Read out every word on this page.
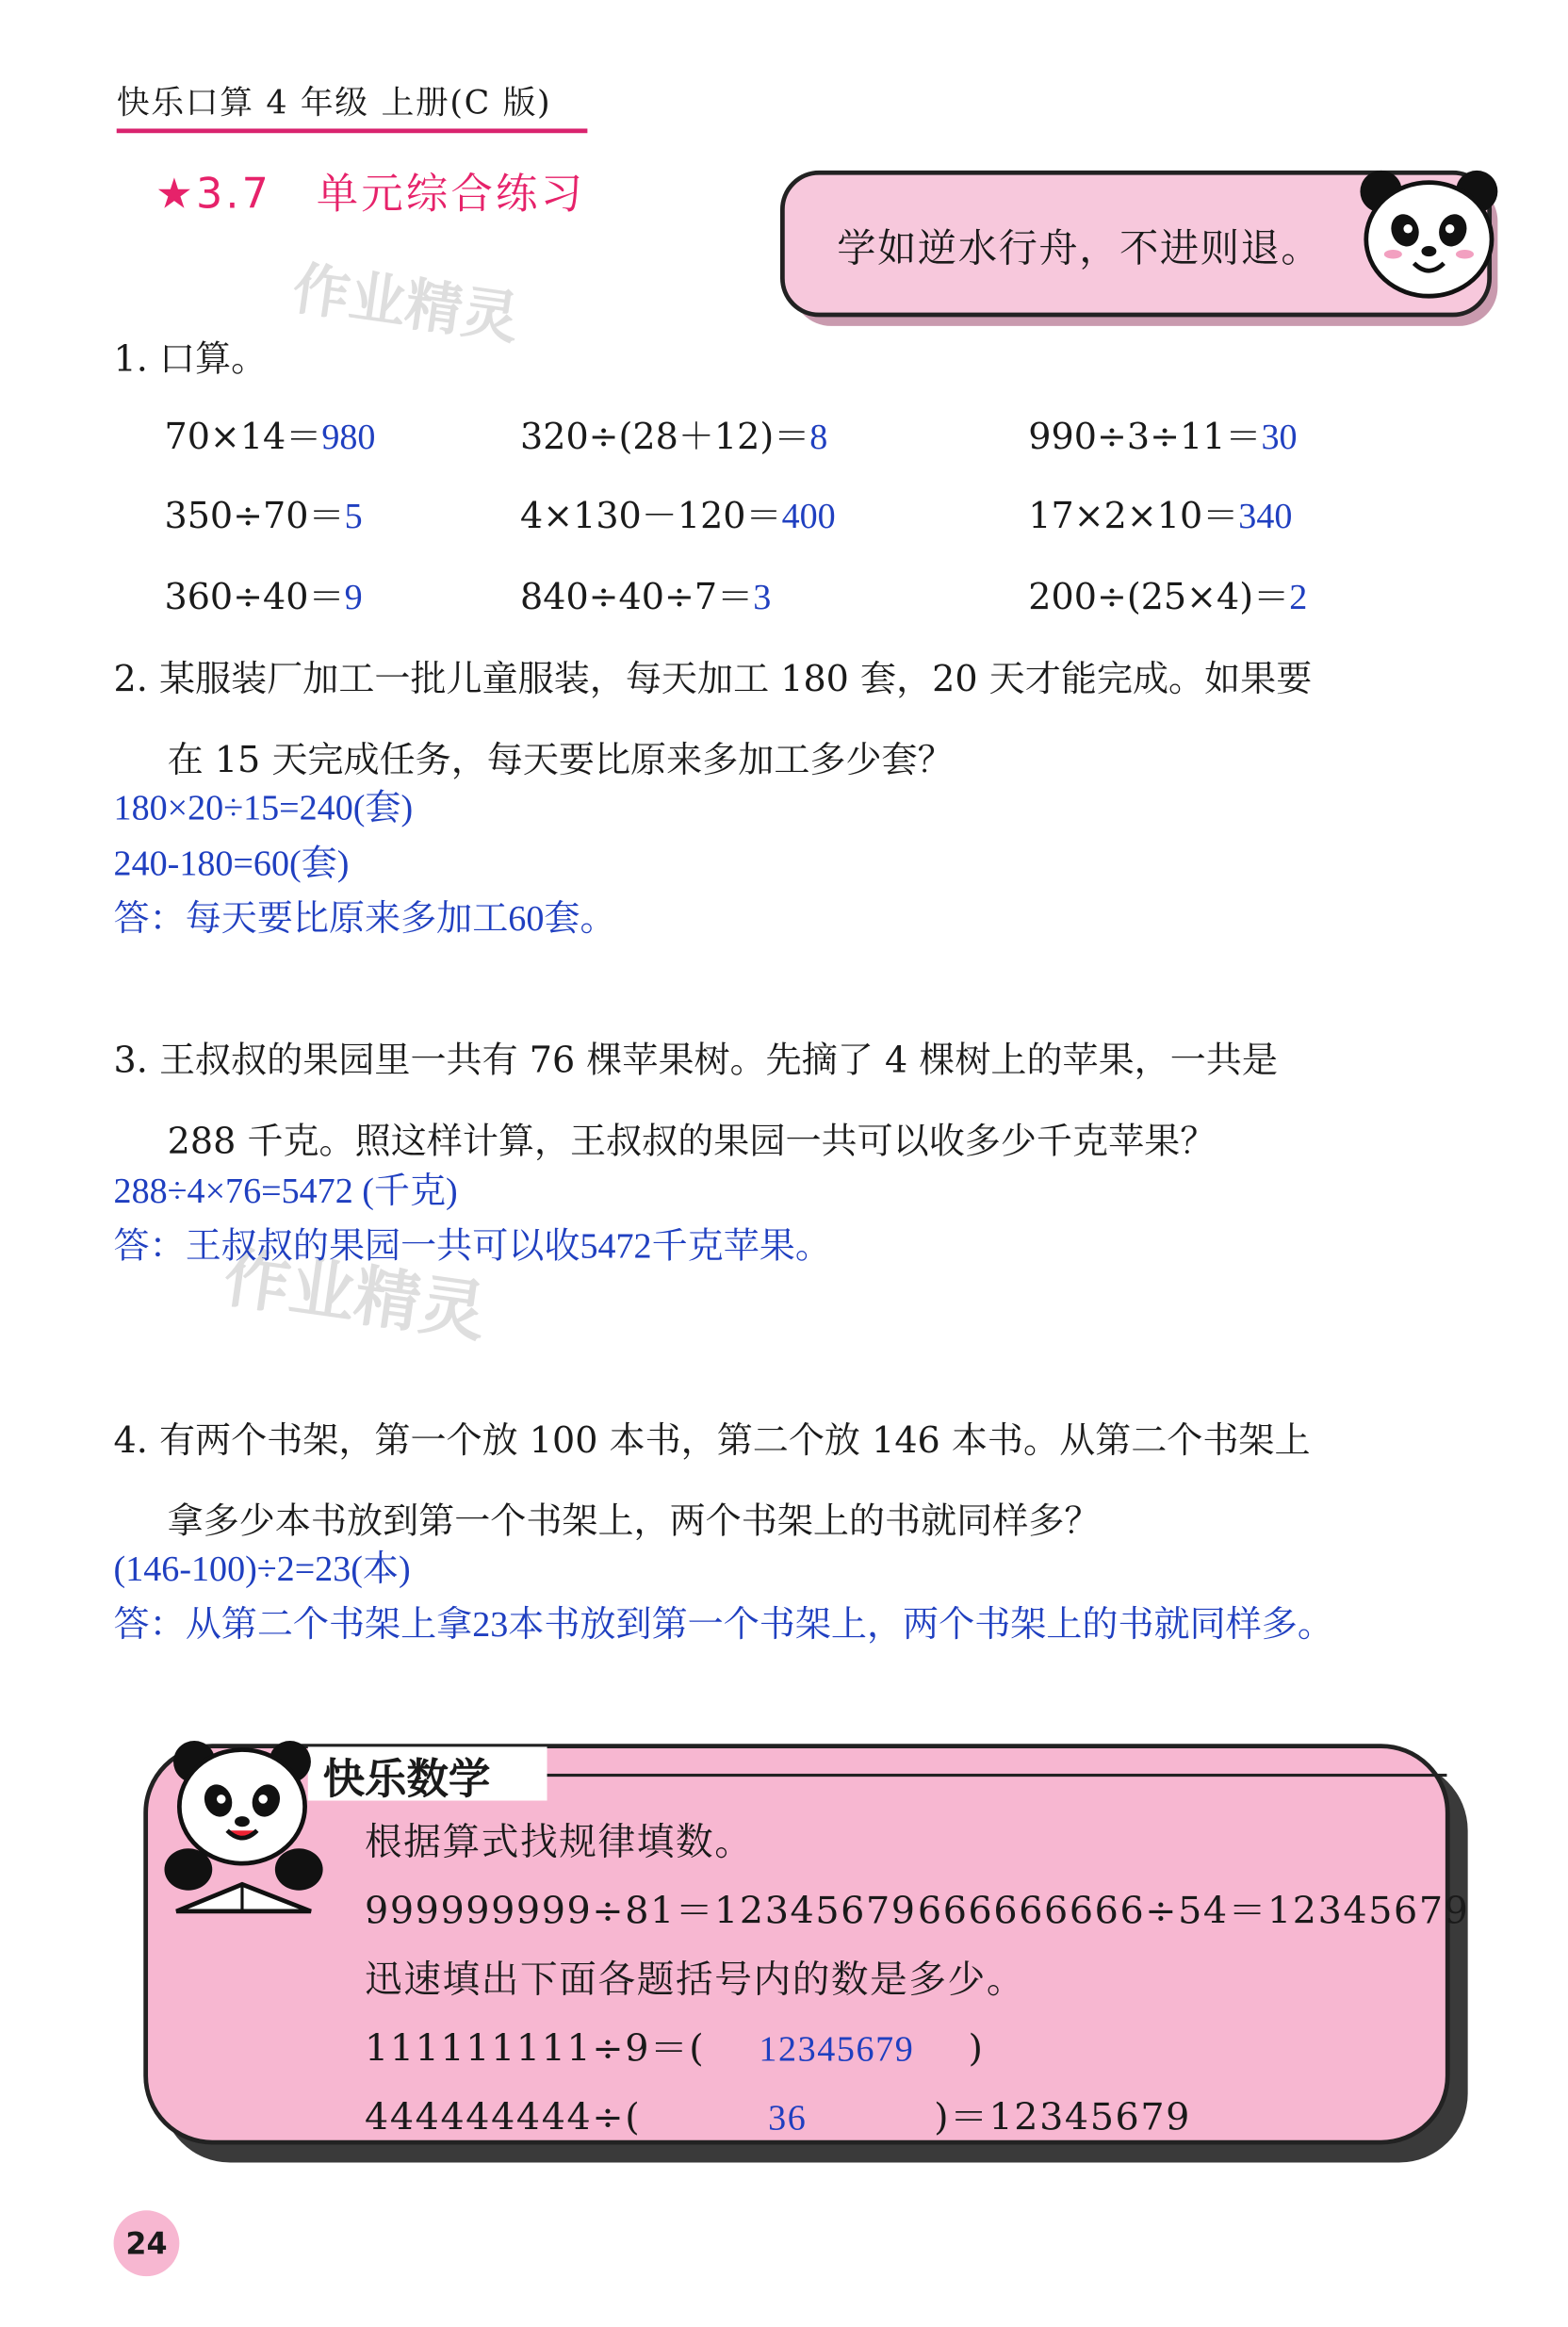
快乐口算 4 年级 上册(C 版)
★3.7　单元综合练习
学如逆水行舟，不进则退。
作业精灵
作业精灵
1. 口算。
70×14＝980	320÷(28＋12)＝8	990÷3÷11＝30
350÷70＝5	4×130－120＝400	17×2×10＝340
360÷40＝9	840÷40÷7＝3	200÷(25×4)＝2
2. 某服装厂加工一批儿童服装，每天加工 180 套，20 天才能完成。如果要
在 15 天完成任务，每天要比原来多加工多少套？
180×20÷15=240(套)
240-180=60(套)
答：每天要比原来多加工60套。
3. 王叔叔的果园里一共有 76 棵苹果树。先摘了 4 棵树上的苹果，一共是
288 千克。照这样计算，王叔叔的果园一共可以收多少千克苹果？
288÷4×76=5472 (千克)
答：王叔叔的果园一共可以收5472千克苹果。
4. 有两个书架，第一个放 100 本书，第二个放 146 本书。从第二个书架上
拿多少本书放到第一个书架上，两个书架上的书就同样多？
(146-100)÷2=23(本)
答：从第二个书架上拿23本书放到第一个书架上，两个书架上的书就同样多。
快乐数学
根据算式找规律填数。
999999999÷81＝12345679 666666666÷54＝12345679
迅速填出下面各题括号内的数是多少。
111111111÷9＝( 12345679 )
444444444÷(	36	)＝12345679
24
